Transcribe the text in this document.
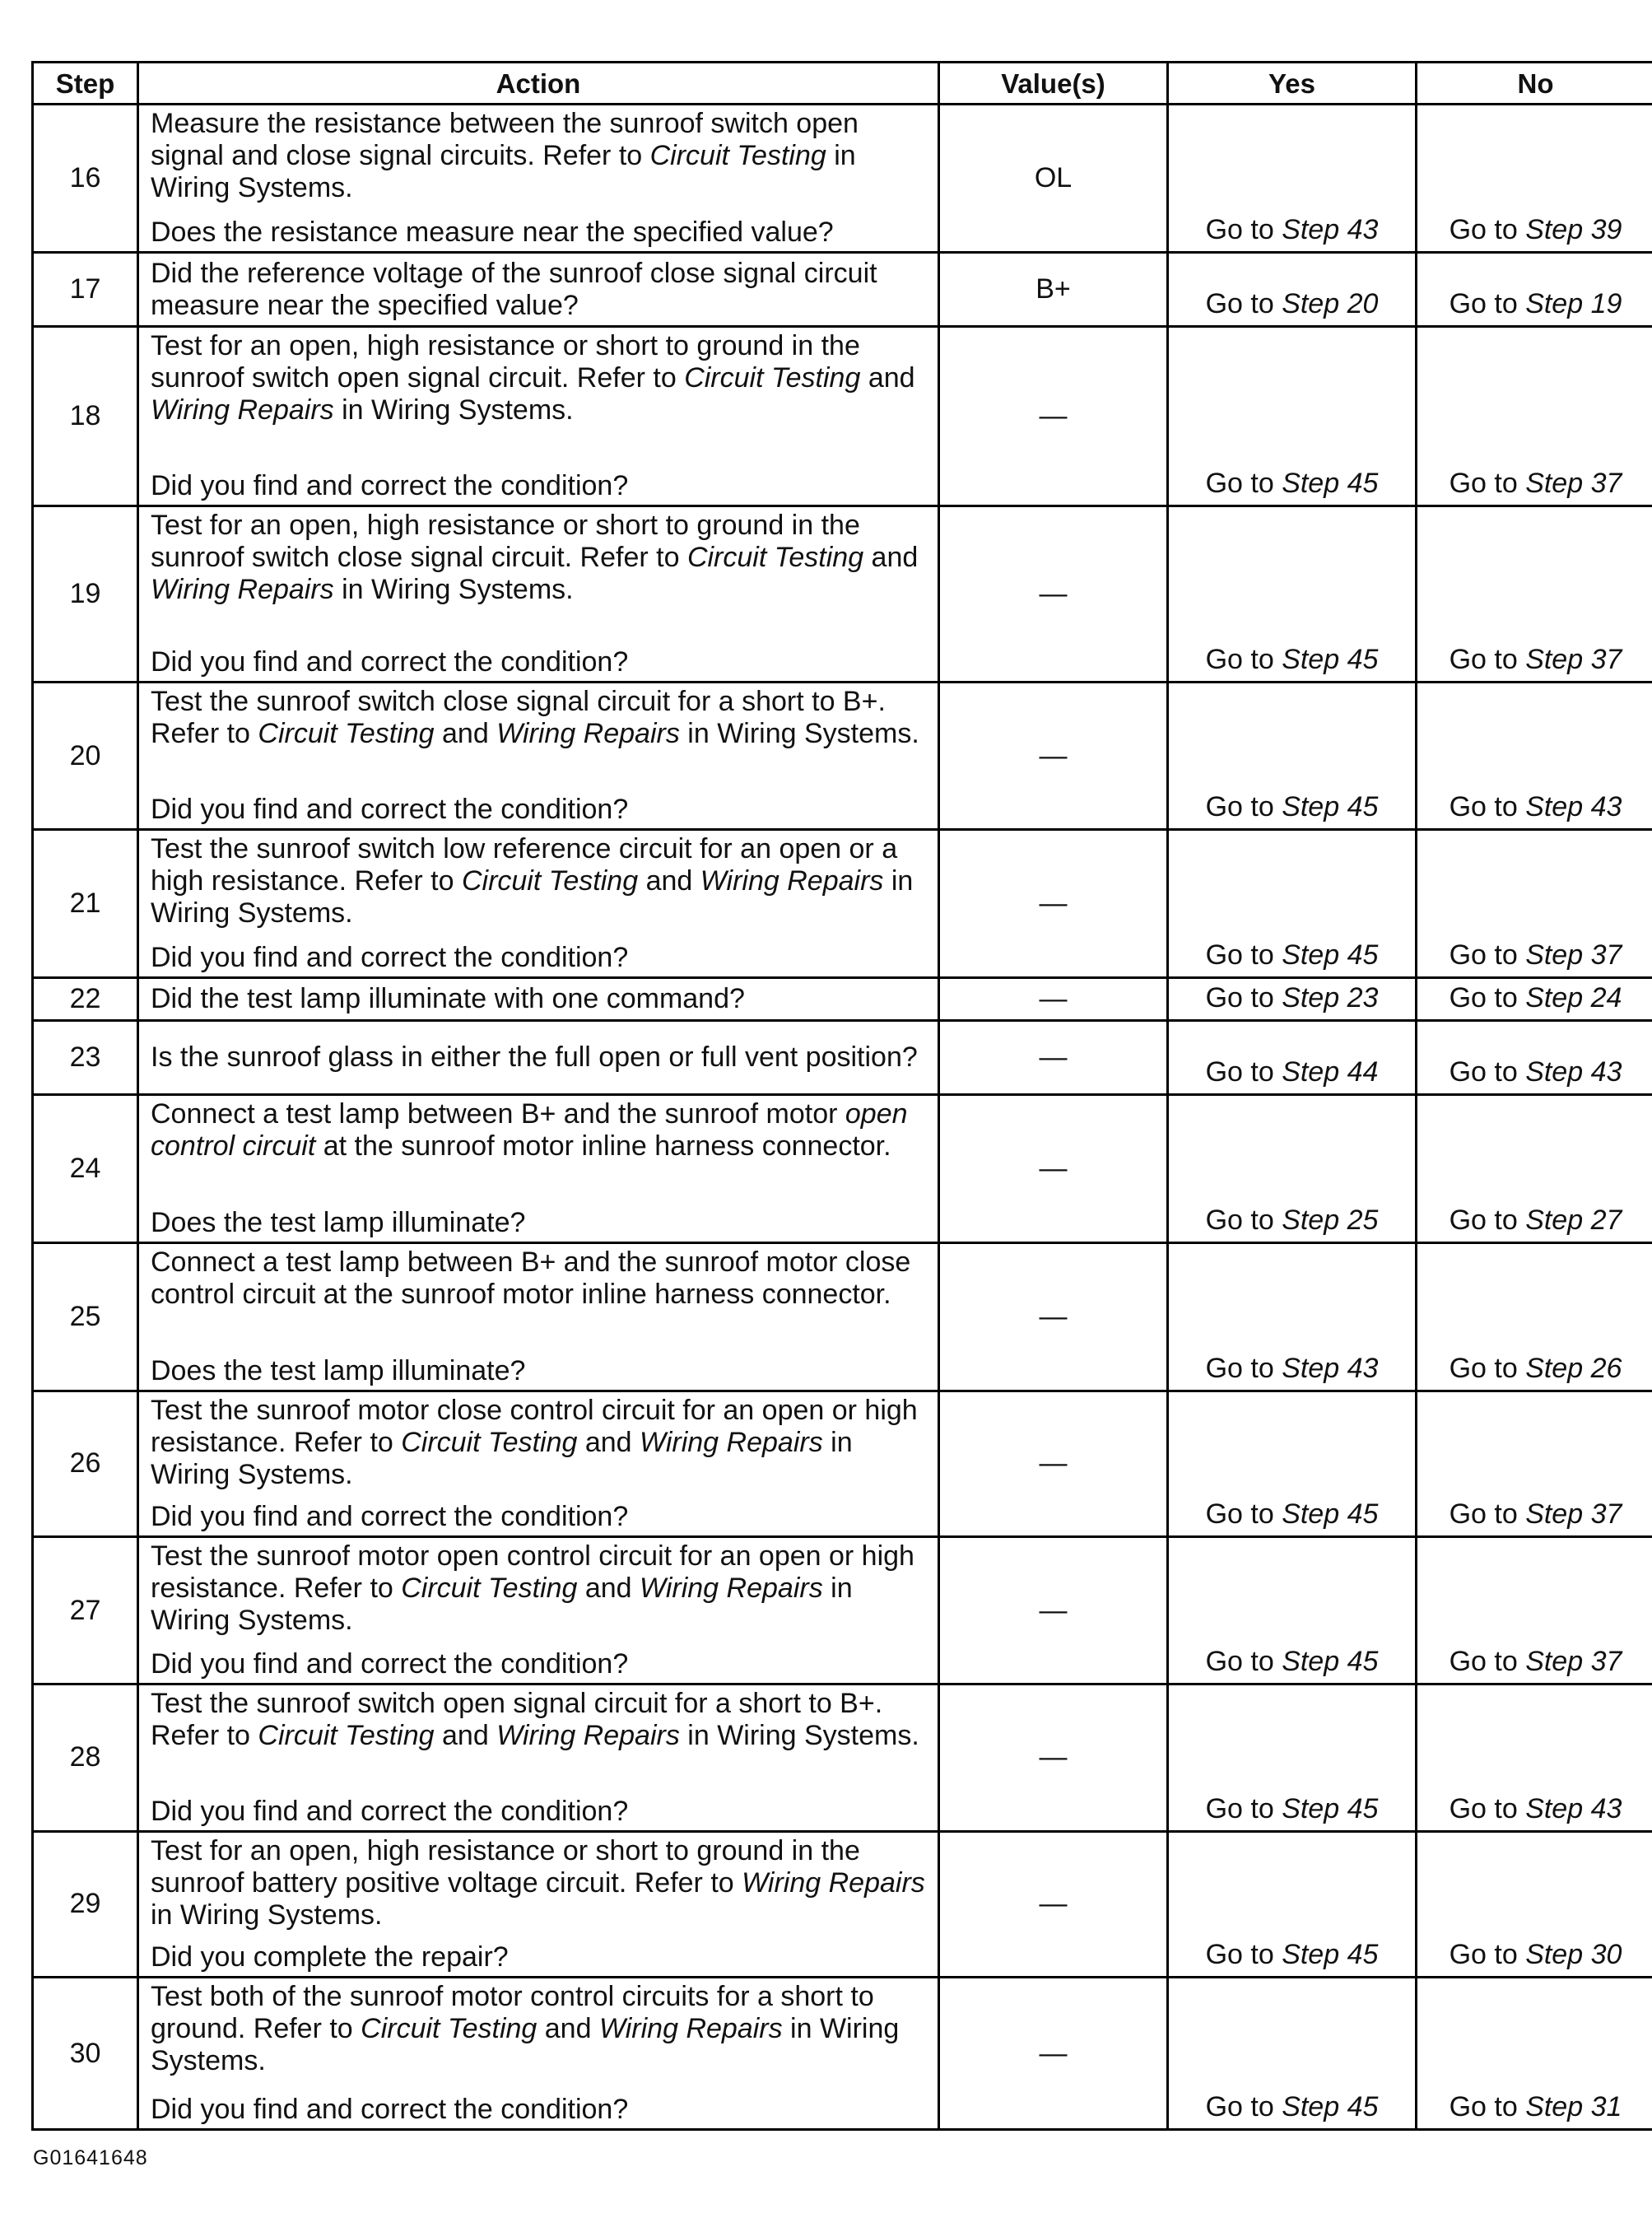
Step	Action	Value(s)	Yes	No
16	Measure the resistance between the sunroof switch open signal and close signal circuits. Refer to Circuit Testing in Wiring Systems.
Does the resistance measure near the specified value?	OL	Go to Step 43	Go to Step 39
17	Did the reference voltage of the sunroof close signal circuit measure near the specified value?	B+	Go to Step 20	Go to Step 19
18	Test for an open, high resistance or short to ground in the sunroof switch open signal circuit. Refer to Circuit Testing and Wiring Repairs in Wiring Systems.
Did you find and correct the condition?	—	Go to Step 45	Go to Step 37
19	Test for an open, high resistance or short to ground in the sunroof switch close signal circuit. Refer to Circuit Testing and Wiring Repairs in Wiring Systems.
Did you find and correct the condition?	—	Go to Step 45	Go to Step 37
20	Test the sunroof switch close signal circuit for a short to B+. Refer to Circuit Testing and Wiring Repairs in Wiring Systems.
Did you find and correct the condition?	—	Go to Step 45	Go to Step 43
21	Test the sunroof switch low reference circuit for an open or a high resistance. Refer to Circuit Testing and Wiring Repairs in Wiring Systems.
Did you find and correct the condition?	—	Go to Step 45	Go to Step 37
22	Did the test lamp illuminate with one command?	—	Go to Step 23	Go to Step 24
23	Is the sunroof glass in either the full open or full vent position?	—	Go to Step 44	Go to Step 43
24	Connect a test lamp between B+ and the sunroof motor open control circuit at the sunroof motor inline harness connector.
Does the test lamp illuminate?	—	Go to Step 25	Go to Step 27
25	Connect a test lamp between B+ and the sunroof motor close control circuit at the sunroof motor inline harness connector.
Does the test lamp illuminate?	—	Go to Step 43	Go to Step 26
26	Test the sunroof motor close control circuit for an open or high resistance. Refer to Circuit Testing and Wiring Repairs in Wiring Systems.
Did you find and correct the condition?	—	Go to Step 45	Go to Step 37
27	Test the sunroof motor open control circuit for an open or high resistance. Refer to Circuit Testing and Wiring Repairs in Wiring Systems.
Did you find and correct the condition?	—	Go to Step 45	Go to Step 37
28	Test the sunroof switch open signal circuit for a short to B+. Refer to Circuit Testing and Wiring Repairs in Wiring Systems.
Did you find and correct the condition?	—	Go to Step 45	Go to Step 43
29	Test for an open, high resistance or short to ground in the sunroof battery positive voltage circuit. Refer to Wiring Repairs in Wiring Systems.
Did you complete the repair?	—	Go to Step 45	Go to Step 30
30	Test both of the sunroof motor control circuits for a short to ground. Refer to Circuit Testing and Wiring Repairs in Wiring Systems.
Did you find and correct the condition?	—	Go to Step 45	Go to Step 31
G01641648
